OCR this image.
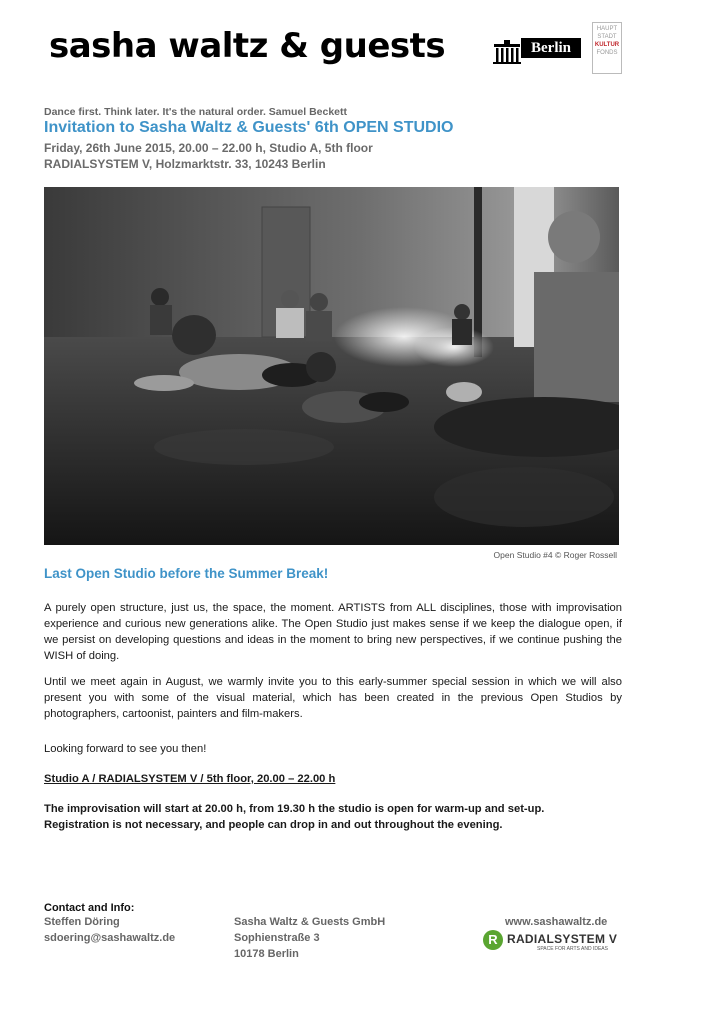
sasha waltz & guests	Berlin
HAUPT
STADT
KULTUR
FONDS
Dance first. Think later. It's the natural order. Samuel Beckett
Invitation to Sasha Waltz & Guests' 6th OPEN STUDIO
Friday, 26th June 2015, 20.00 – 22.00 h, Studio A, 5th floor
RADIALSYSTEM V, Holzmarktstr. 33, 10243 Berlin
Open Studio #4 © Roger Rossell
Last Open Studio before the Summer Break!
A purely open structure, just us, the space, the moment. ARTISTS from ALL disciplines, those with improvisation experience and curious new generations alike. The Open Studio just makes sense if we keep the dialogue open, if we persist on developing questions and ideas in the moment to bring new perspectives, if we continue pushing the WISH of doing.
Until we meet again in August, we warmly invite you to this early-summer special session in which we will also present you with some of the visual material, which has been created in the previous Open Studios by photographers, cartoonist, painters and film-makers.
Looking forward to see you then!
Studio A / RADIALSYSTEM V / 5th floor, 20.00 – 22.00 h
The improvisation will start at 20.00 h, from 19.30 h the studio is open for warm-up and set-up.
Registration is not necessary, and people can drop in and out throughout the evening.
Contact and Info:
Steffen Döring
sdoering@sashawaltz.de
Sasha Waltz & Guests GmbH
Sophienstraße 3
10178 Berlin
www.sashawaltz.de
R RADIALSYSTEM V
SPACE FOR ARTS AND IDEAS
